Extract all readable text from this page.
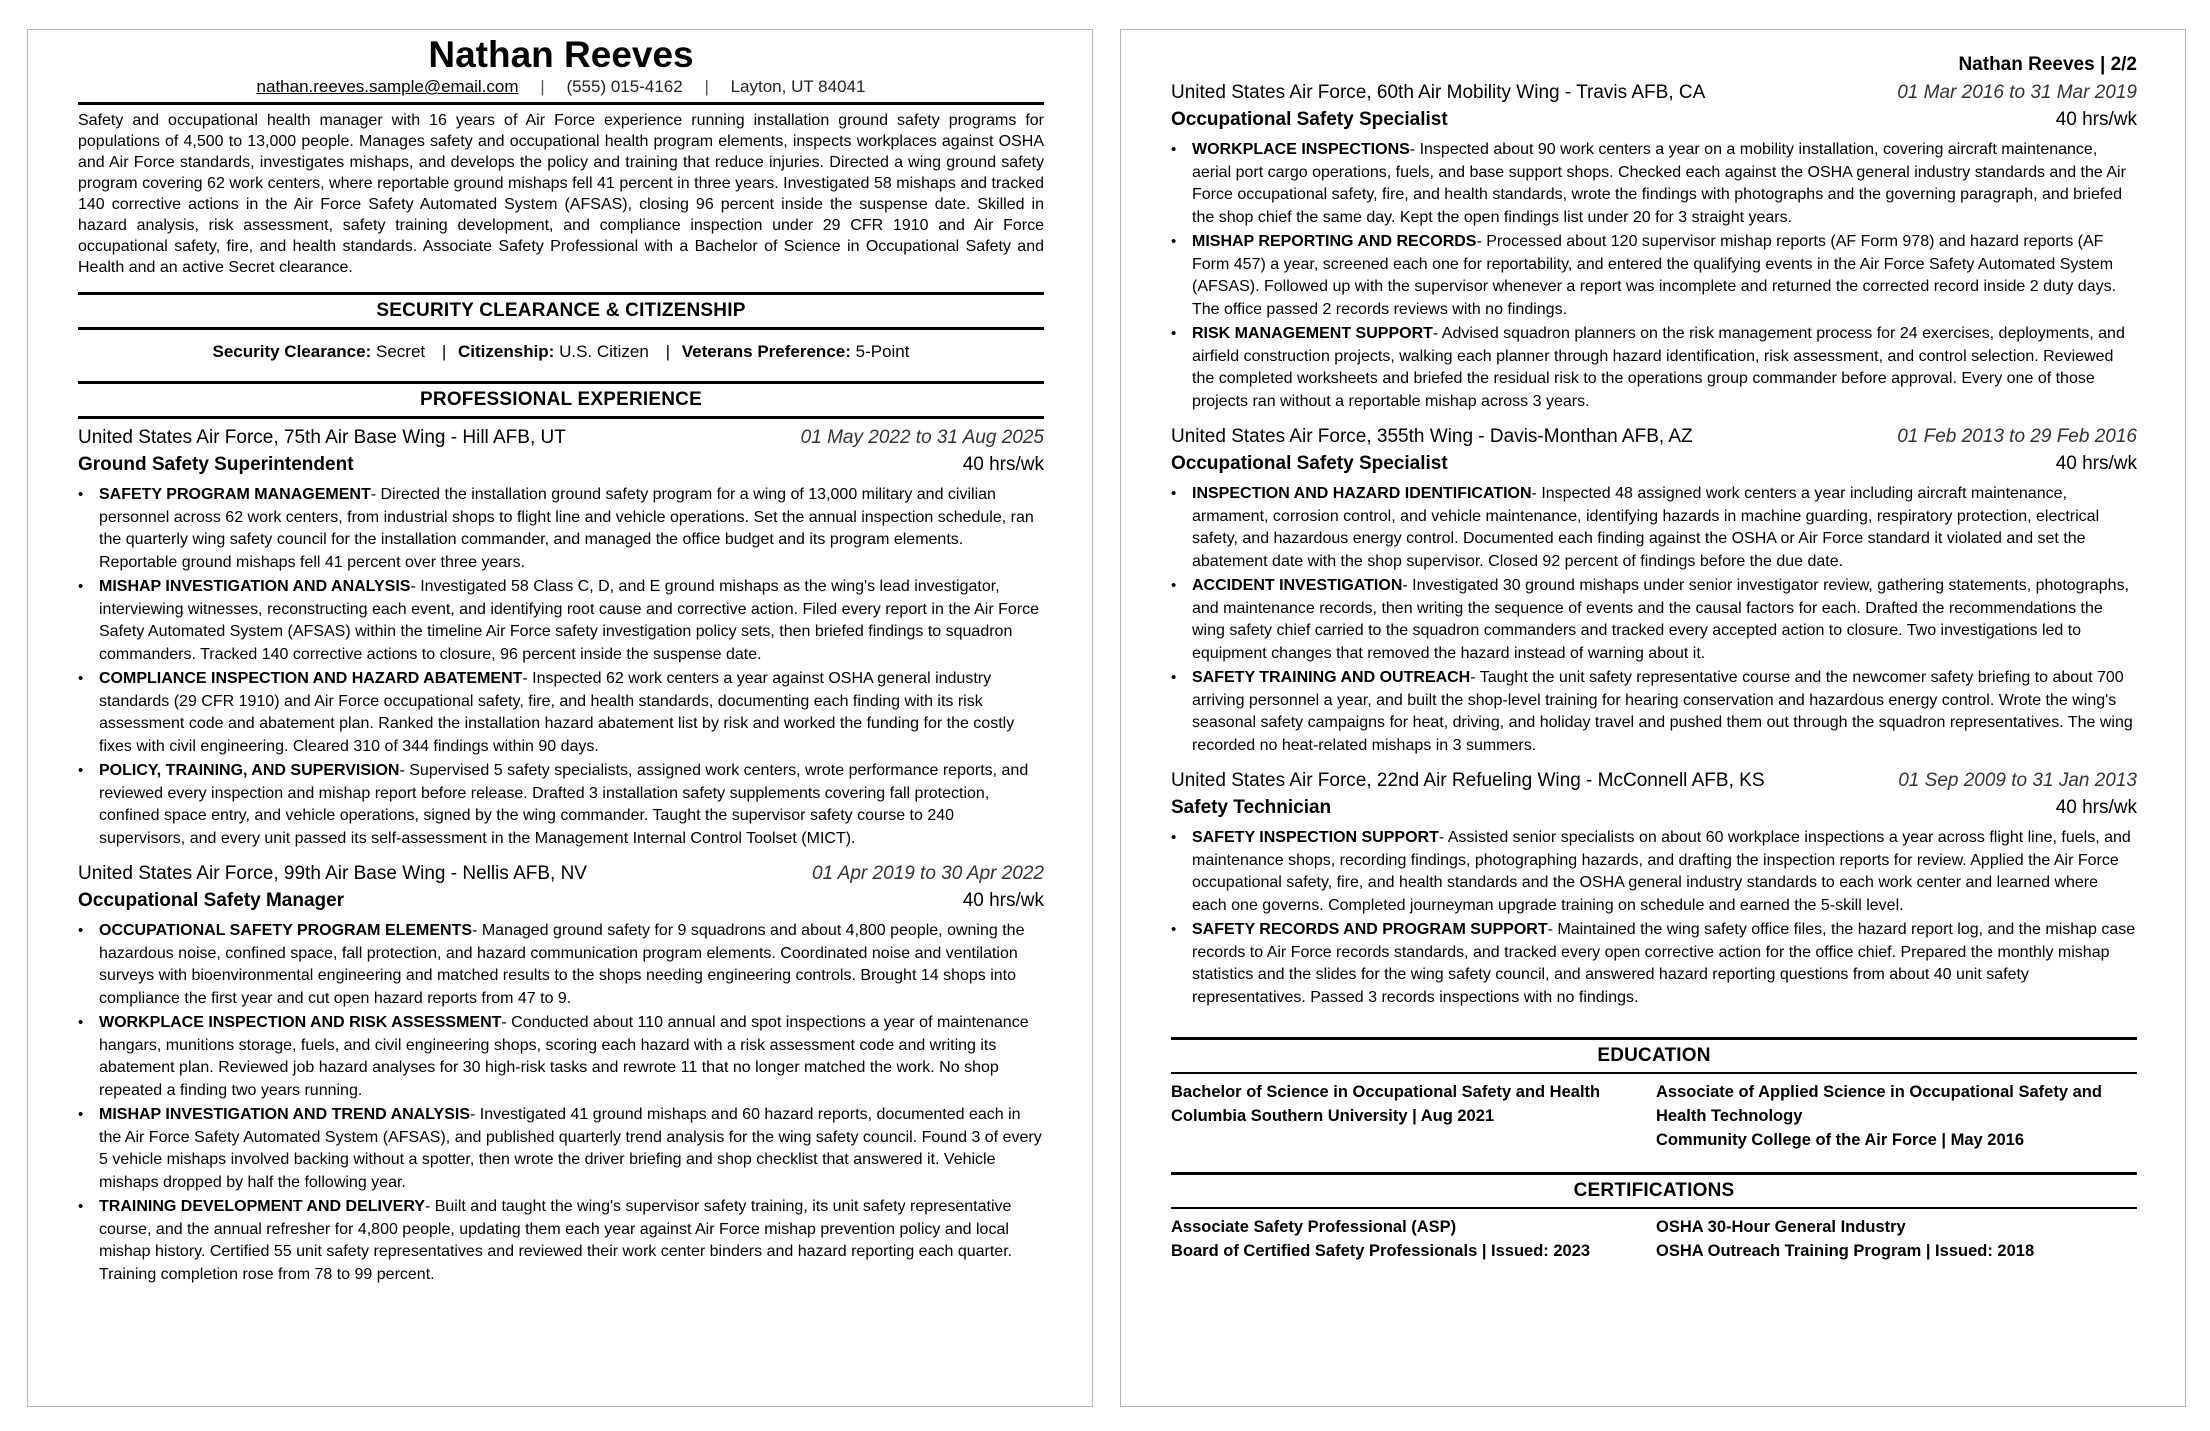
Nathan Reeves
nathan.reeves.sample@email.com | (555) 015-4162 | Layton, UT 84041

Safety and occupational health manager with 16 years of Air Force experience running installation ground safety programs for populations of 4,500 to 13,000 people. Manages safety and occupational health program elements, inspects workplaces against OSHA and Air Force standards, investigates mishaps, and develops the policy and training that reduce injuries. Directed a wing ground safety program covering 62 work centers, where reportable ground mishaps fell 41 percent in three years. Investigated 58 mishaps and tracked 140 corrective actions in the Air Force Safety Automated System (AFSAS), closing 96 percent inside the suspense date. Skilled in hazard analysis, risk assessment, safety training development, and compliance inspection under 29 CFR 1910 and Air Force occupational safety, fire, and health standards. Associate Safety Professional with a Bachelor of Science in Occupational Safety and Health and an active Secret clearance.

SECURITY CLEARANCE & CITIZENSHIP
Security Clearance: Secret | Citizenship: U.S. Citizen | Veterans Preference: 5-Point
PROFESSIONAL EXPERIENCE
United States Air Force, 75th Air Base Wing - Hill AFB, UT	01 May 2022 to 31 Aug 2025
Ground Safety Superintendent	40 hrs/wk
• SAFETY PROGRAM MANAGEMENT- Directed the installation ground safety program for a wing of 13,000 military and civilian personnel across 62 work centers, from industrial shops to flight line and vehicle operations. Set the annual inspection schedule, ran the quarterly wing safety council for the installation commander, and managed the office budget and its program elements. Reportable ground mishaps fell 41 percent over three years.
• MISHAP INVESTIGATION AND ANALYSIS- Investigated 58 Class C, D, and E ground mishaps as the wing's lead investigator, interviewing witnesses, reconstructing each event, and identifying root cause and corrective action. Filed every report in the Air Force Safety Automated System (AFSAS) within the timeline Air Force safety investigation policy sets, then briefed findings to squadron commanders. Tracked 140 corrective actions to closure, 96 percent inside the suspense date.
• COMPLIANCE INSPECTION AND HAZARD ABATEMENT- Inspected 62 work centers a year against OSHA general industry standards (29 CFR 1910) and Air Force occupational safety, fire, and health standards, documenting each finding with its risk assessment code and abatement plan. Ranked the installation hazard abatement list by risk and worked the funding for the costly fixes with civil engineering. Cleared 310 of 344 findings within 90 days.
• POLICY, TRAINING, AND SUPERVISION- Supervised 5 safety specialists, assigned work centers, wrote performance reports, and reviewed every inspection and mishap report before release. Drafted 3 installation safety supplements covering fall protection, confined space entry, and vehicle operations, signed by the wing commander. Taught the supervisor safety course to 240 supervisors, and every unit passed its self-assessment in the Management Internal Control Toolset (MICT).
United States Air Force, 99th Air Base Wing - Nellis AFB, NV	01 Apr 2019 to 30 Apr 2022
Occupational Safety Manager	40 hrs/wk
• OCCUPATIONAL SAFETY PROGRAM ELEMENTS- Managed ground safety for 9 squadrons and about 4,800 people, owning the hazardous noise, confined space, fall protection, and hazard communication program elements. Coordinated noise and ventilation surveys with bioenvironmental engineering and matched results to the shops needing engineering controls. Brought 14 shops into compliance the first year and cut open hazard reports from 47 to 9.
• WORKPLACE INSPECTION AND RISK ASSESSMENT- Conducted about 110 annual and spot inspections a year of maintenance hangars, munitions storage, fuels, and civil engineering shops, scoring each hazard with a risk assessment code and writing its abatement plan. Reviewed job hazard analyses for 30 high-risk tasks and rewrote 11 that no longer matched the work. No shop repeated a finding two years running.
• MISHAP INVESTIGATION AND TREND ANALYSIS- Investigated 41 ground mishaps and 60 hazard reports, documented each in the Air Force Safety Automated System (AFSAS), and published quarterly trend analysis for the wing safety council. Found 3 of every 5 vehicle mishaps involved backing without a spotter, then wrote the driver briefing and shop checklist that answered it. Vehicle mishaps dropped by half the following year.
• TRAINING DEVELOPMENT AND DELIVERY- Built and taught the wing's supervisor safety training, its unit safety representative course, and the annual refresher for 4,800 people, updating them each year against Air Force mishap prevention policy and local mishap history. Certified 55 unit safety representatives and reviewed their work center binders and hazard reporting each quarter. Training completion rose from 78 to 99 percent.
Nathan Reeves | 2/2
United States Air Force, 60th Air Mobility Wing - Travis AFB, CA	01 Mar 2016 to 31 Mar 2019
Occupational Safety Specialist	40 hrs/wk
• WORKPLACE INSPECTIONS- Inspected about 90 work centers a year on a mobility installation, covering aircraft maintenance, aerial port cargo operations, fuels, and base support shops. Checked each against the OSHA general industry standards and the Air Force occupational safety, fire, and health standards, wrote the findings with photographs and the governing paragraph, and briefed the shop chief the same day. Kept the open findings list under 20 for 3 straight years.
• MISHAP REPORTING AND RECORDS- Processed about 120 supervisor mishap reports (AF Form 978) and hazard reports (AF Form 457) a year, screened each one for reportability, and entered the qualifying events in the Air Force Safety Automated System (AFSAS). Followed up with the supervisor whenever a report was incomplete and returned the corrected record inside 2 duty days. The office passed 2 records reviews with no findings.
• RISK MANAGEMENT SUPPORT- Advised squadron planners on the risk management process for 24 exercises, deployments, and airfield construction projects, walking each planner through hazard identification, risk assessment, and control selection. Reviewed the completed worksheets and briefed the residual risk to the operations group commander before approval. Every one of those projects ran without a reportable mishap across 3 years.
United States Air Force, 355th Wing - Davis-Monthan AFB, AZ	01 Feb 2013 to 29 Feb 2016
Occupational Safety Specialist	40 hrs/wk
• INSPECTION AND HAZARD IDENTIFICATION- Inspected 48 assigned work centers a year including aircraft maintenance, armament, corrosion control, and vehicle maintenance, identifying hazards in machine guarding, respiratory protection, electrical safety, and hazardous energy control. Documented each finding against the OSHA or Air Force standard it violated and set the abatement date with the shop supervisor. Closed 92 percent of findings before the due date.
• ACCIDENT INVESTIGATION- Investigated 30 ground mishaps under senior investigator review, gathering statements, photographs, and maintenance records, then writing the sequence of events and the causal factors for each. Drafted the recommendations the wing safety chief carried to the squadron commanders and tracked every accepted action to closure. Two investigations led to equipment changes that removed the hazard instead of warning about it.
• SAFETY TRAINING AND OUTREACH- Taught the unit safety representative course and the newcomer safety briefing to about 700 arriving personnel a year, and built the shop-level training for hearing conservation and hazardous energy control. Wrote the wing's seasonal safety campaigns for heat, driving, and holiday travel and pushed them out through the squadron representatives. The wing recorded no heat-related mishaps in 3 summers.
United States Air Force, 22nd Air Refueling Wing - McConnell AFB, KS	01 Sep 2009 to 31 Jan 2013
Safety Technician	40 hrs/wk
• SAFETY INSPECTION SUPPORT- Assisted senior specialists on about 60 workplace inspections a year across flight line, fuels, and maintenance shops, recording findings, photographing hazards, and drafting the inspection reports for review. Applied the Air Force occupational safety, fire, and health standards and the OSHA general industry standards to each work center and learned where each one governs. Completed journeyman upgrade training on schedule and earned the 5-skill level.
• SAFETY RECORDS AND PROGRAM SUPPORT- Maintained the wing safety office files, the hazard report log, and the mishap case records to Air Force records standards, and tracked every open corrective action for the office chief. Prepared the monthly mishap statistics and the slides for the wing safety council, and answered hazard reporting questions from about 40 unit safety representatives. Passed 3 records inspections with no findings.
EDUCATION
Bachelor of Science in Occupational Safety and Health
Columbia Southern University | Aug 2021
Associate of Applied Science in Occupational Safety and Health Technology
Community College of the Air Force | May 2016
CERTIFICATIONS
Associate Safety Professional (ASP)
Board of Certified Safety Professionals | Issued: 2023
OSHA 30-Hour General Industry
OSHA Outreach Training Program | Issued: 2018
